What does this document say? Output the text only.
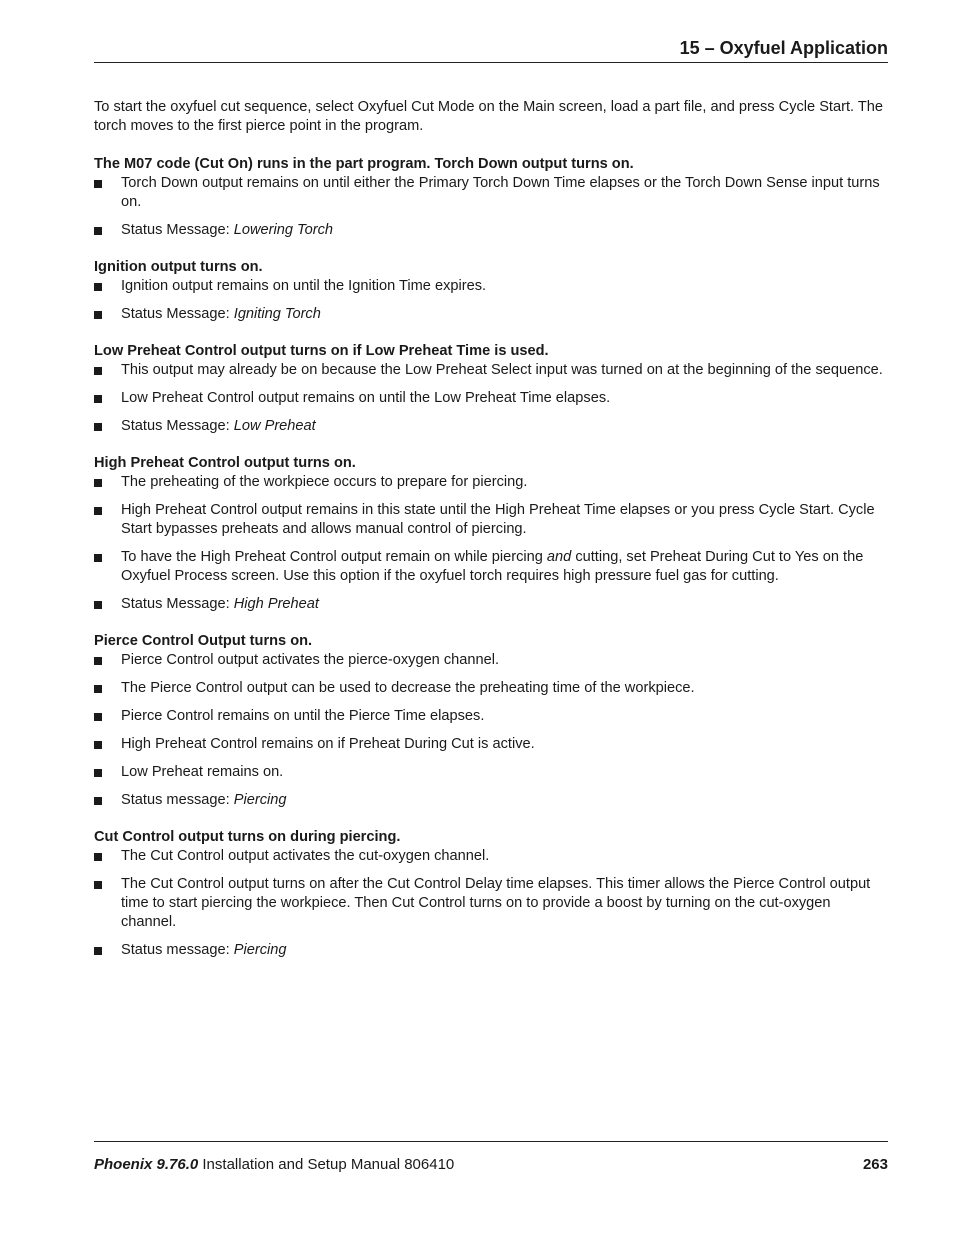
15 – Oxyfuel Application

To start the oxyfuel cut sequence, select Oxyfuel Cut Mode on the Main screen, load a part file, and press Cycle Start. The torch moves to the first pierce point in the program.

The M07 code (Cut On) runs in the part program. Torch Down output turns on.

Torch Down output remains on until either the Primary Torch Down Time elapses or the Torch Down Sense input turns on.
Status Message: Lowering Torch

Ignition output turns on.

Ignition output remains on until the Ignition Time expires.
Status Message: Igniting Torch

Low Preheat Control output turns on if Low Preheat Time is used.

This output may already be on because the Low Preheat Select input was turned on at the beginning of the sequence.
Low Preheat Control output remains on until the Low Preheat Time elapses.
Status Message: Low Preheat

High Preheat Control output turns on.

The preheating of the workpiece occurs to prepare for piercing.
High Preheat Control output remains in this state until the High Preheat Time elapses or you press Cycle Start. Cycle Start bypasses preheats and allows manual control of piercing.
To have the High Preheat Control output remain on while piercing and cutting, set Preheat During Cut to Yes on the Oxyfuel Process screen. Use this option if the oxyfuel torch requires high pressure fuel gas for cutting.
Status Message: High Preheat

Pierce Control Output turns on.

Pierce Control output activates the pierce-oxygen channel.
The Pierce Control output can be used to decrease the preheating time of the workpiece.
Pierce Control remains on until the Pierce Time elapses.
High Preheat Control remains on if Preheat During Cut is active.
Low Preheat remains on.
Status message: Piercing

Cut Control output turns on during piercing.

The Cut Control output activates the cut-oxygen channel.
The Cut Control output turns on after the Cut Control Delay time elapses. This timer allows the Pierce Control output time to start piercing the workpiece. Then Cut Control turns on to provide a boost by turning on the cut-oxygen channel.
Status message: Piercing
Phoenix 9.76.0 Installation and Setup Manual 806410	263
